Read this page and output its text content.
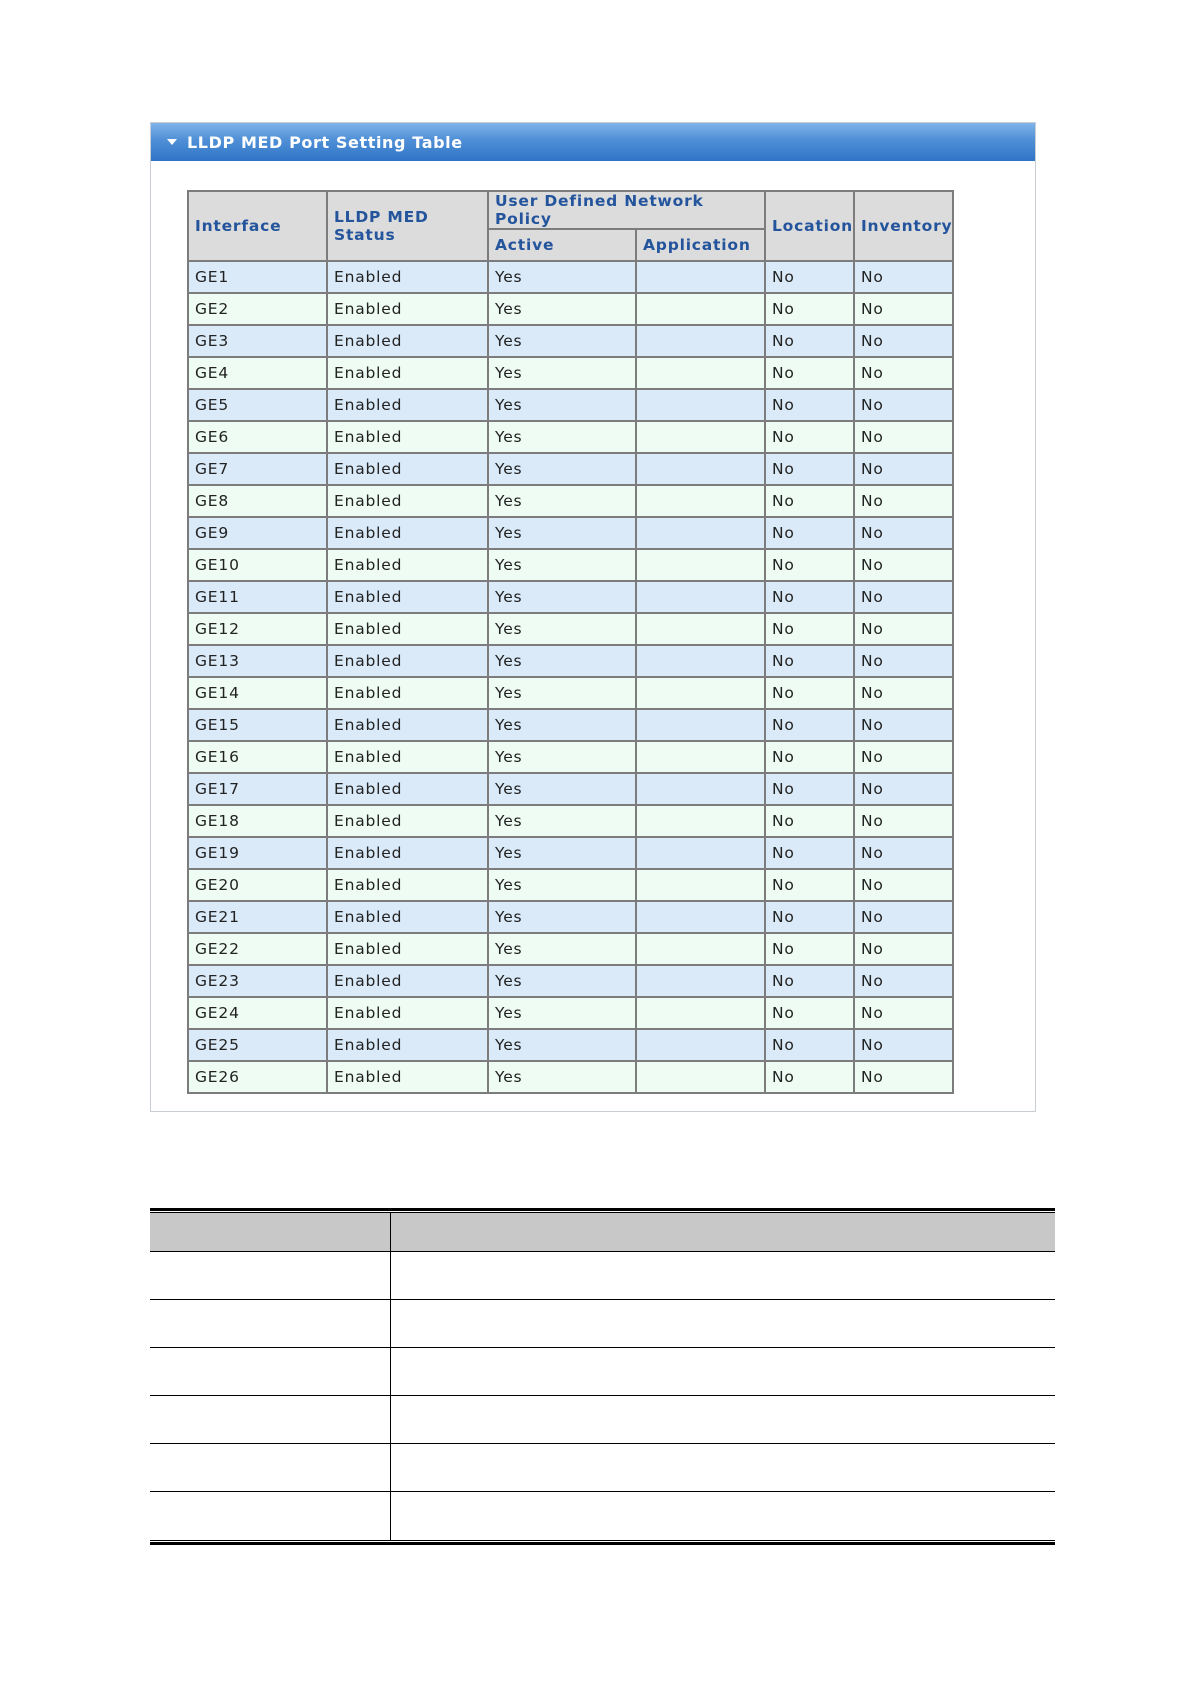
LLDP MED Port Setting Table
Interface	LLDP MED Status	User Defined Network Policy		Location	Inventory
		Active	Application		
GE1	Enabled	Yes		No	No
GE2	Enabled	Yes		No	No
GE3	Enabled	Yes		No	No
GE4	Enabled	Yes		No	No
GE5	Enabled	Yes		No	No
GE6	Enabled	Yes		No	No
GE7	Enabled	Yes		No	No
GE8	Enabled	Yes		No	No
GE9	Enabled	Yes		No	No
GE10	Enabled	Yes		No	No
GE11	Enabled	Yes		No	No
GE12	Enabled	Yes		No	No
GE13	Enabled	Yes		No	No
GE14	Enabled	Yes		No	No
GE15	Enabled	Yes		No	No
GE16	Enabled	Yes		No	No
GE17	Enabled	Yes		No	No
GE18	Enabled	Yes		No	No
GE19	Enabled	Yes		No	No
GE20	Enabled	Yes		No	No
GE21	Enabled	Yes		No	No
GE22	Enabled	Yes		No	No
GE23	Enabled	Yes		No	No
GE24	Enabled	Yes		No	No
GE25	Enabled	Yes		No	No
GE26	Enabled	Yes		No	No
